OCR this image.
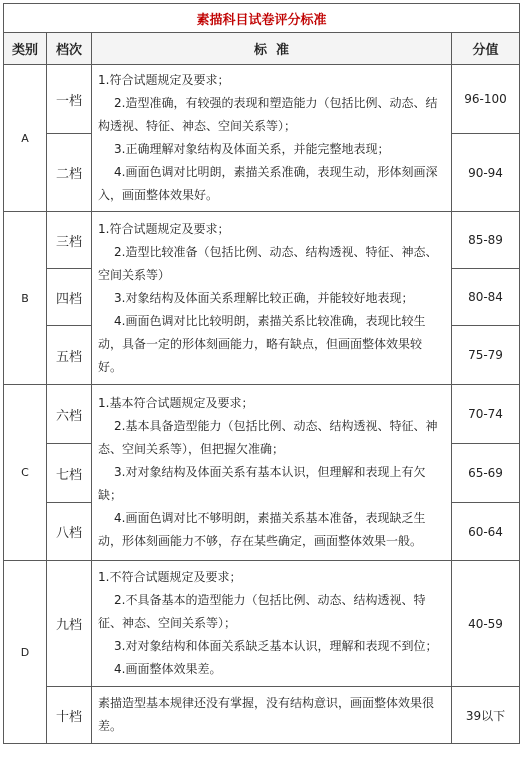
素描科目试卷评分标准			
类别	档次	标  准	分值
A	一档	1.符合试题规定及要求；

2.造型准确，有较强的表现和塑造能力（包括比例、动态、结构透视、特征、神态、空间关系等）；

3.正确理解对象结构及体面关系，并能完整地表现；

4.画面色调对比明朗，素描关系准确，表现生动，形体刻画深入，画面整体效果好。	96-100
	二档		90-94
B	三档	1.符合试题规定及要求；

2.造型比较准备（包括比例、动态、结构透视、特征、神态、空间关系等）

3.对象结构及体面关系理解比较正确，并能较好地表现；

4.画面色调对比比较明朗，素描关系比较准确，表现比较生动，具备一定的形体刻画能力，略有缺点，但画面整体效果较好。	85-89
	四档		80-84
	五档		75-79
C	六档	1.基本符合试题规定及要求；

2.基本具备造型能力（包括比例、动态、结构透视、特征、神态、空间关系等），但把握欠准确；

3.对对象结构及体面关系有基本认识，但理解和表现上有欠缺；

4.画面色调对比不够明朗，素描关系基本准备，表现缺乏生动，形体刻画能力不够，存在某些确定，画面整体效果一般。	70-74
	七档		65-69
	八档		60-64
D	九档	1.不符合试题规定及要求；

2.不具备基本的造型能力（包括比例、动态、结构透视、特征、神态、空间关系等）；

3.对对象结构和体面关系缺乏基本认识，理解和表现不到位；

4.画面整体效果差。	40-59
	十档	素描造型基本规律还没有掌握，没有结构意识，画面整体效果很差。	39以下
